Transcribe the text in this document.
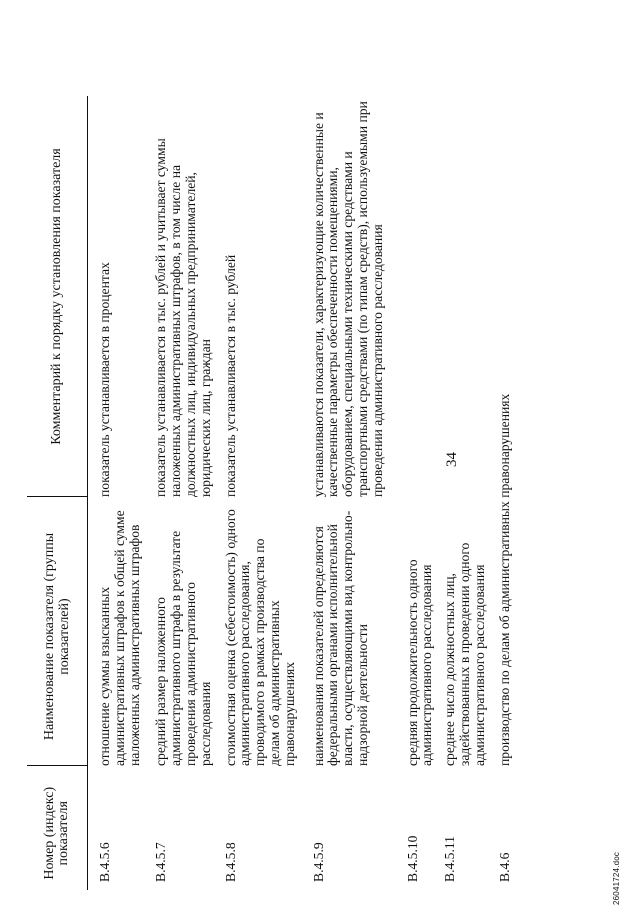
34
Номер (индекс) показателя	Наименование показателя (группы показателей)	Комментарий к порядку установления показателя
B.4.5.6	отношение суммы взысканных административных штрафов к общей сумме наложенных административных штрафов	показатель устанавливается в процентах
B.4.5.7	средний размер наложенного административного штрафа в результате проведения административного расследования	показатель устанавливается в тыс. рублей и учитывает суммы наложенных административных штрафов, в том числе на должностных лиц, индивидуальных предпринимателей, юридических лиц, граждан
B.4.5.8	стоимостная оценка (себестоимость) одного административного расследования, проводимого в рамках производства по делам об административных правонарушениях	показатель устанавливается в тыс. рублей
B.4.5.9	наименования показателей определяются федеральными органами исполнительной власти, осуществляющими вид контрольно-надзорной деятельности	устанавливаются показатели, характеризующие количественные и качественные параметры обеспеченности помещениями, оборудованием, специальными техническими средствами и транспортными средствами (по типам средств), используемыми при проведении административного расследования
B.4.5.10	средняя продолжительность одного административного расследования	
B.4.5.11	среднее число должностных лиц, задействованных в проведении одного административного расследования	
B.4.6	производство по делам об административных правонарушениях	
26041724.doc
